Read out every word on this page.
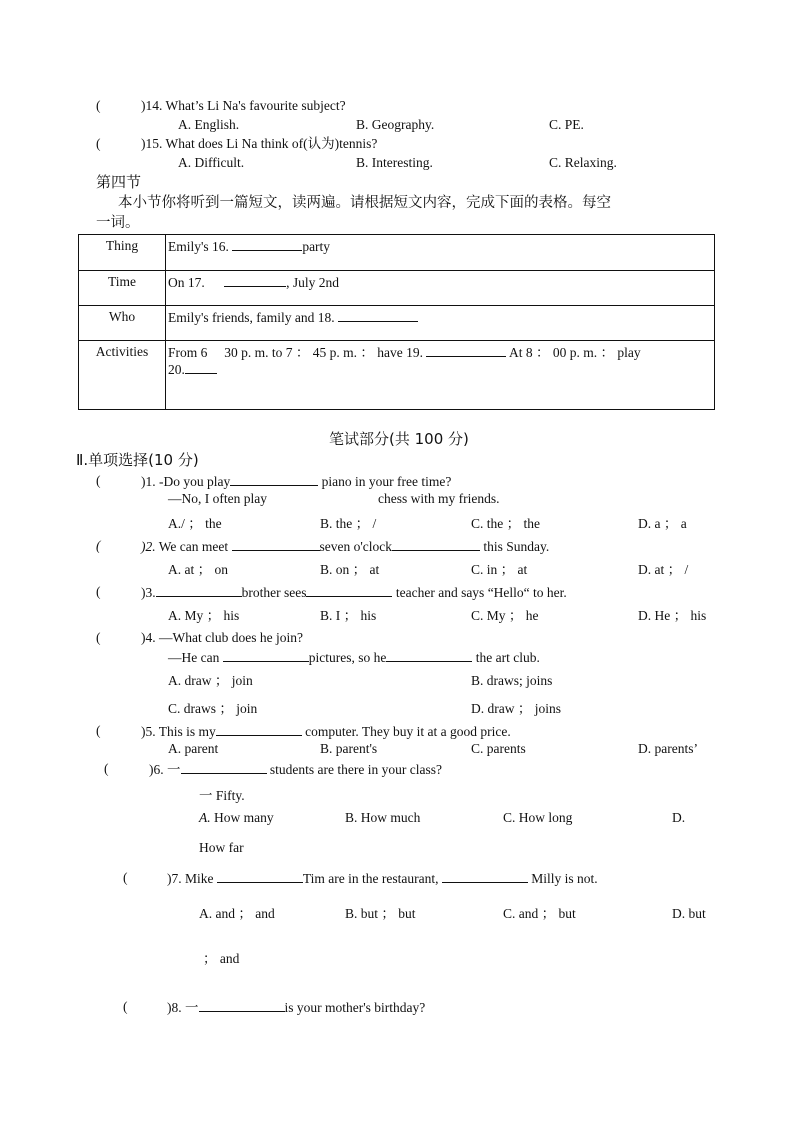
(	)14. What’s Li Na's favourite subject?
A. English.	B. Geography.	C. PE.
(	)15. What does Li Na think of(认为)tennis?
A. Difficult.	B. Interesting.	C. Relaxing.
第四节
本小节你将听到一篇短文，读两遍。请根据短文内容，完成下面的表格。每空
一词。
Thing	Emily's 16. party
Time	On 17. , July 2nd
Who	Emily's friends, family and 18.
Activities	From 6 30 p. m. to 7 ： 45 p. m. ： have 19. At 8 ： 00 p. m. ： play
20.
笔试部分(共 100 分)
Ⅱ.单项选择(10 分)
(	)1. -Do you play	piano in your free time?
—No, I often play	chess with my friends.
A./ ； the	B. the ； /	C. the ； the	D. a ； a
(	)2. We can meet	seven o'clock	this Sunday.
A. at ； on	B. on ； at	C. in ； at	D. at ； /
(	)3.	brother sees	teacher and says “Hello“ to her.
A. My ； his	B. I ； his	C. My ； he	D. He ； his
(	)4. —What club does he join?
—He can	pictures, so he	the art club.
A. draw ； join	B. draws; joins
C. draws ； join	D. draw ； joins
(	)5. This is my	computer. They buy it at a good price.
A. parent	B. parent's	C. parents	D. parents’
(	)6. 一	students are there in your class?
一 Fifty.
A. How many	B. How much	C. How long	D.
How far
(	)7. Mike	Tim are in the restaurant,	Milly is not.
A. and ； and	B. but ； but	C. and ； but	D. but
； and
(	)8. 一	is your mother's birthday?
